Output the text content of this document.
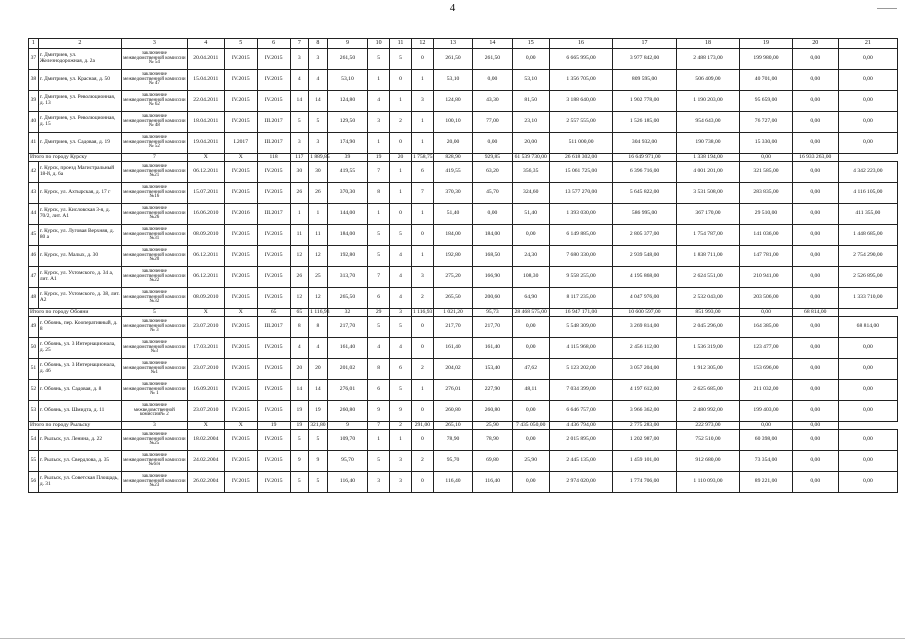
4
1	2	3	4	5	6	7	8	9	10	11	12	13	14	15	16	17	18	19	20	21
37	г. Дмитриев, ул. Железнодорожная, д. 2а	заключение межведомственной комиссии № 54	20.04.2011	IV.2015	IV.2015	3	3	261,50	5	5	0	261,50	261,50	0,00	6 665 995,00	3 977 842,00	2 488 173,00	199 980,00	0,00	0,00
38	г. Дмитриев, ул. Красная, д. 50	заключение межведомственной комиссии № 47	15.04.2011	IV.2015	IV.2015	4	4	53,10	1	0	1	53,10	0,00	53,10	1 356 705,00	809 595,00	506 409,00	40 701,00	0,00	0,00
39	г. Дмитриев, ул. Революционная, д. 13	заключение межведомственной комиссии № 62	22.04.2011	IV.2015	IV.2015	14	14	124,80	4	1	3	124,80	43,30	81,50	3 188 640,00	1 902 778,00	1 190 203,00	95 659,00	0,00	0,00
40	г. Дмитриев, ул. Революционная, д. 15	заключение межведомственной комиссии № 48	18.04.2011	IV.2015	III.2017	5	5	129,50	3	2	1	100,10	77,00	23,10	2 557 555,00	1 526 185,00	954 643,00	76 727,00	0,00	0,00
41	г. Дмитриев, ул. Садовая, д. 19	заключение межведомственной комиссии № 52	19.04.2011	I.2017	III.2017	3	3	174,90	1	0	1	20,00	0,00	20,00	511 000,00	304 932,00	190 738,00	15 330,00	0,00	0,00
Итого по городу Курску		7	X	X	118	117	1 889,85	39	19	20	1 758,75	828,90	929,85	61 539 730,00	26 618 302,00	16 649 971,00	1 338 194,00	0,00	16 933 263,00	
42	г. Курск, проезд Магистральный 18-й, д. 6а	заключение межведомственной комиссии №21	06.12.2011	IV.2015	IV.2015	30	30	419,55	7	1	6	419,55	63,20	356,35	15 061 725,00	6 396 716,00	4 001 201,00	321 585,00	0,00	4 342 223,00
43	г. Курск, ул. Ахтырская, д. 17 г	заключение межведомственной комиссии №16	15.07.2011	IV.2015	IV.2015	26	26	370,30	8	1	7	370,30	45,70	324,60	13 577 270,00	5 645 822,00	3 531 508,00	283 835,00	0,00	4 116 105,00
44	г. Курск, ул. Кисловская 3-я, д. 70/2, лит. А1	заключение межведомственной комиссии №26	16.06.2010	IV.2016	III.2017	1	1	144,00	1	0	1	51,40	0,00	51,40	1 393 030,00	586 995,00	367 170,00	29 510,00	0,00	411 355,00
45	г. Курск, ул. Луговая Верхняя, д. 80 а	заключение межведомственной комиссии №31	08.09.2010	IV.2015	IV.2015	11	11	184,00	5	5	0	184,00	184,00	0,00	6 149 885,00	2 805 377,00	1 754 787,00	141 036,00	0,00	1 448 685,00
46	г. Курск, ул. Малых, д. 30	заключение межведомственной комиссии №20	06.12.2011	IV.2015	IV.2015	12	12	192,80	5	4	1	192,80	168,50	24,30	7 680 330,00	2 939 548,00	1 838 711,00	147 781,00	0,00	2 754 290,00
47	г. Курск, ул. Ухтомского, д. 34 а, лит. А1	заключение межведомственной комиссии №22	06.12.2011	IV.2015	IV.2015	26	25	313,70	7	4	3	275,20	166,90	108,30	9 558 255,00	4 195 868,00	2 624 551,00	210 941,00	0,00	2 526 895,00
48	г. Курск, ул. Ухтомского, д. 38, лит. А2	заключение межведомственной комиссии №32	08.09.2010	IV.2015	IV.2015	12	12	265,50	6	4	2	265,50	200,60	64,90	8 117 235,00	4 047 976,00	2 532 043,00	203 506,00	0,00	1 333 710,00
Итого по городу Обояни		5	X	X	65	65	1 116,93	32	29	3	1 116,93	1 021,20	95,73	28 468 575,00	16 947 171,00	10 600 597,00	851 993,00	0,00	68 814,00	
49	г. Обоянь, пер. Кооперативный, д. 8	заключение межведомственной комиссии № 3	23.07.2010	IV.2015	III.2017	8	8	217,70	5	5	0	217,70	217,70	0,00	5 548 309,00	3 269 814,00	2 045 296,00	164 385,00	0,00	68 814,00
50	г. Обоянь, ул. 3 Интернационала, д. 25	заключение межведомственной комиссии №3	17.03.2011	IV.2015	IV.2015	4	4	161,40	4	4	0	161,40	161,40	0,00	4 115 968,00	2 456 112,00	1 536 319,00	123 477,00	0,00	0,00
51	г. Обоянь, ул. 3 Интернационала, д. 46	заключение межведомственной комиссии №1	23.07.2010	IV.2015	IV.2015	20	20	201,02	8	6	2	204,02	153,40	47,62	5 123 202,00	3 057 204,00	1 912 305,00	153 696,00	0,00	0,00
52	г. Обоянь, ул. Садовая, д. 8	заключение межведомственной комиссии № 1	16.09.2011	IV.2015	IV.2015	14	14	276,01	6	5	1	276,01	227,90	48,11	7 034 399,00	4 197 612,00	2 625 685,00	211 032,00	0,00	0,00
53	г. Обоянь, ул. Шмидта, д. 11	заключение межведомственной комиссии№ 2	23.07.2010	IV.2015	IV.2015	19	19	260,80	9	9	0	260,80	260,80	0,00	6 646 757,00	3 966 362,00	2 480 992,00	199 403,00	0,00	0,00
Итого по городу Рыльску		3	X	X	19	19	321,80	9	7	2	291,00	265,10	25,90	7 435 050,00	4 436 794,00	2 775 283,00	222 973,00	0,00	0,00	
54	г. Рыльск, ул. Ленина, д. 22	заключение межведомственной комиссии №25	18.02.2004	IV.2015	IV.2015	5	5	109,70	1	1	0	78,90	78,90	0,00	2 015 895,00	1 202 987,00	752 510,00	60 398,00	0,00	0,00
55	г. Рыльск, ул. Свердлова, д. 35	заключение межведомственной комиссии №6/н	24.02.2004	IV.2015	IV.2015	9	9	95,70	5	3	2	95,70	69,80	25,90	2 445 135,00	1 459 101,00	912 680,00	73 354,00	0,00	0,00
56	г. Рыльск, ул. Советская Площадь, д. 31	заключение межведомственной комиссии №23	26.02.2004	IV.2015	IV.2015	5	5	116,40	3	3	0	116,40	116,40	0,00	2 974 020,00	1 774 706,00	1 110 093,00	89 221,00	0,00	0,00
